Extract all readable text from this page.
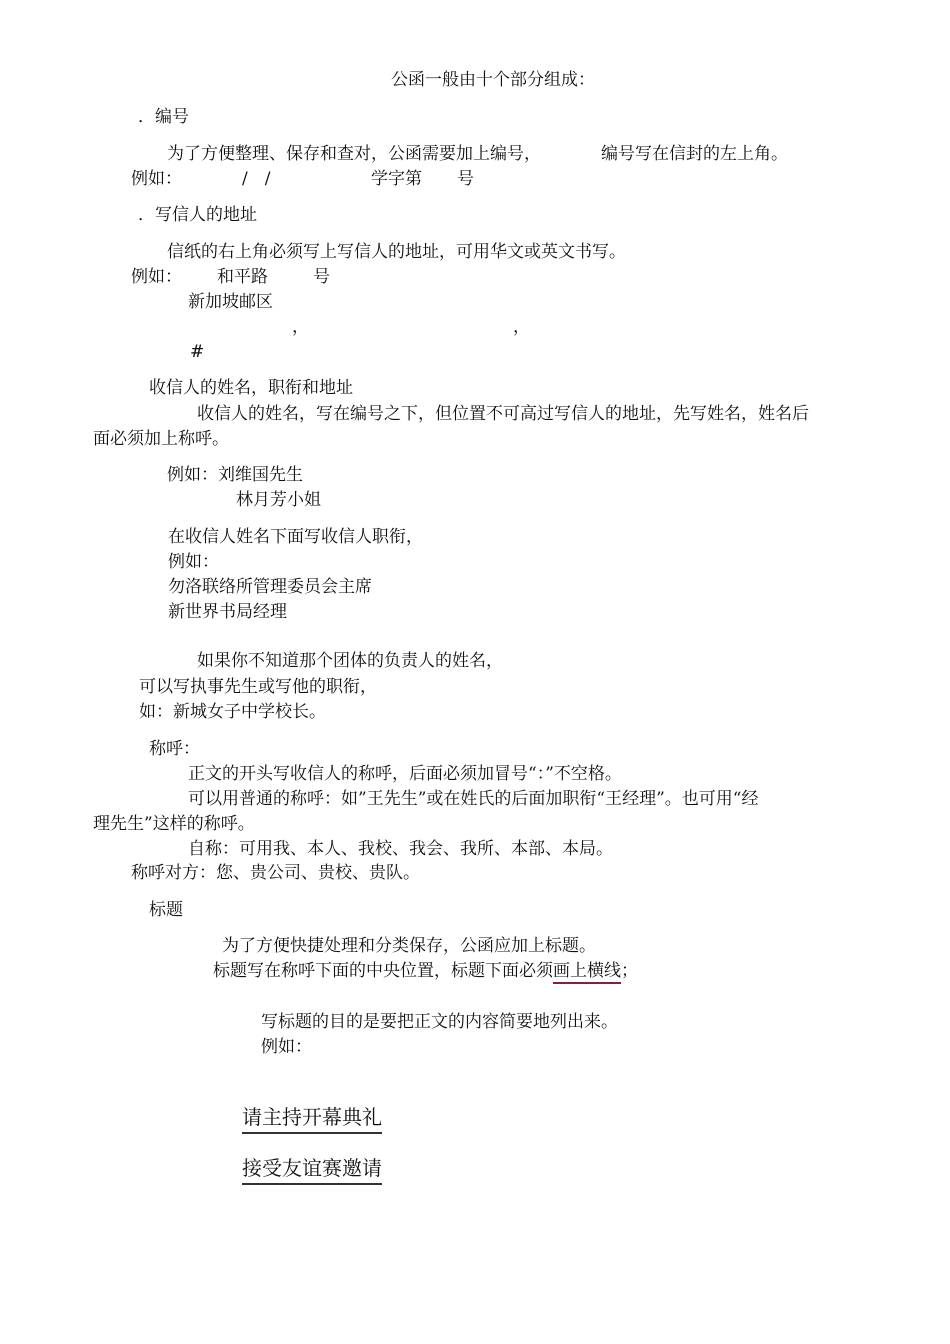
公函一般由十个部分组成：
．编号
为了方便整理、保存和查对，公函需要加上编号，	编号写在信封的左上角。
例如：	/　/	学字第 号
．写信人的地址
信纸的右上角必须写上写信人的地址，可用华文或英文书写。
例如： 和平路	号
新加坡邮区
，	，
#
收信人的姓名，职衔和地址
收信人的姓名，写在编号之下，但位置不可高过写信人的地址，先写姓名，姓名后
面必须加上称呼。
例如：刘维国先生
林月芳小姐
在收信人姓名下面写收信人职衔，
例如：
勿洛联络所管理委员会主席
新世界书局经理
如果你不知道那个团体的负责人的姓名，
可以写执事先生或写他的职衔，
如：新城女子中学校长。
称呼：
正文的开头写收信人的称呼，后面必须加冒号“：”不空格。
可以用普通的称呼：如”王先生”或在姓氏的后面加职衔“王经理”。也可用“经
理先生”这样的称呼。
自称：可用我、本人、我校、我会、我所、本部、本局。
称呼对方：您、贵公司、贵校、贵队。
标题
为了方便快捷处理和分类保存，公函应加上标题。
标题写在称呼下面的中央位置，标题下面必须画上横线；
写标题的目的是要把正文的内容简要地列出来。
例如：
请主持开幕典礼
接受友谊赛邀请
